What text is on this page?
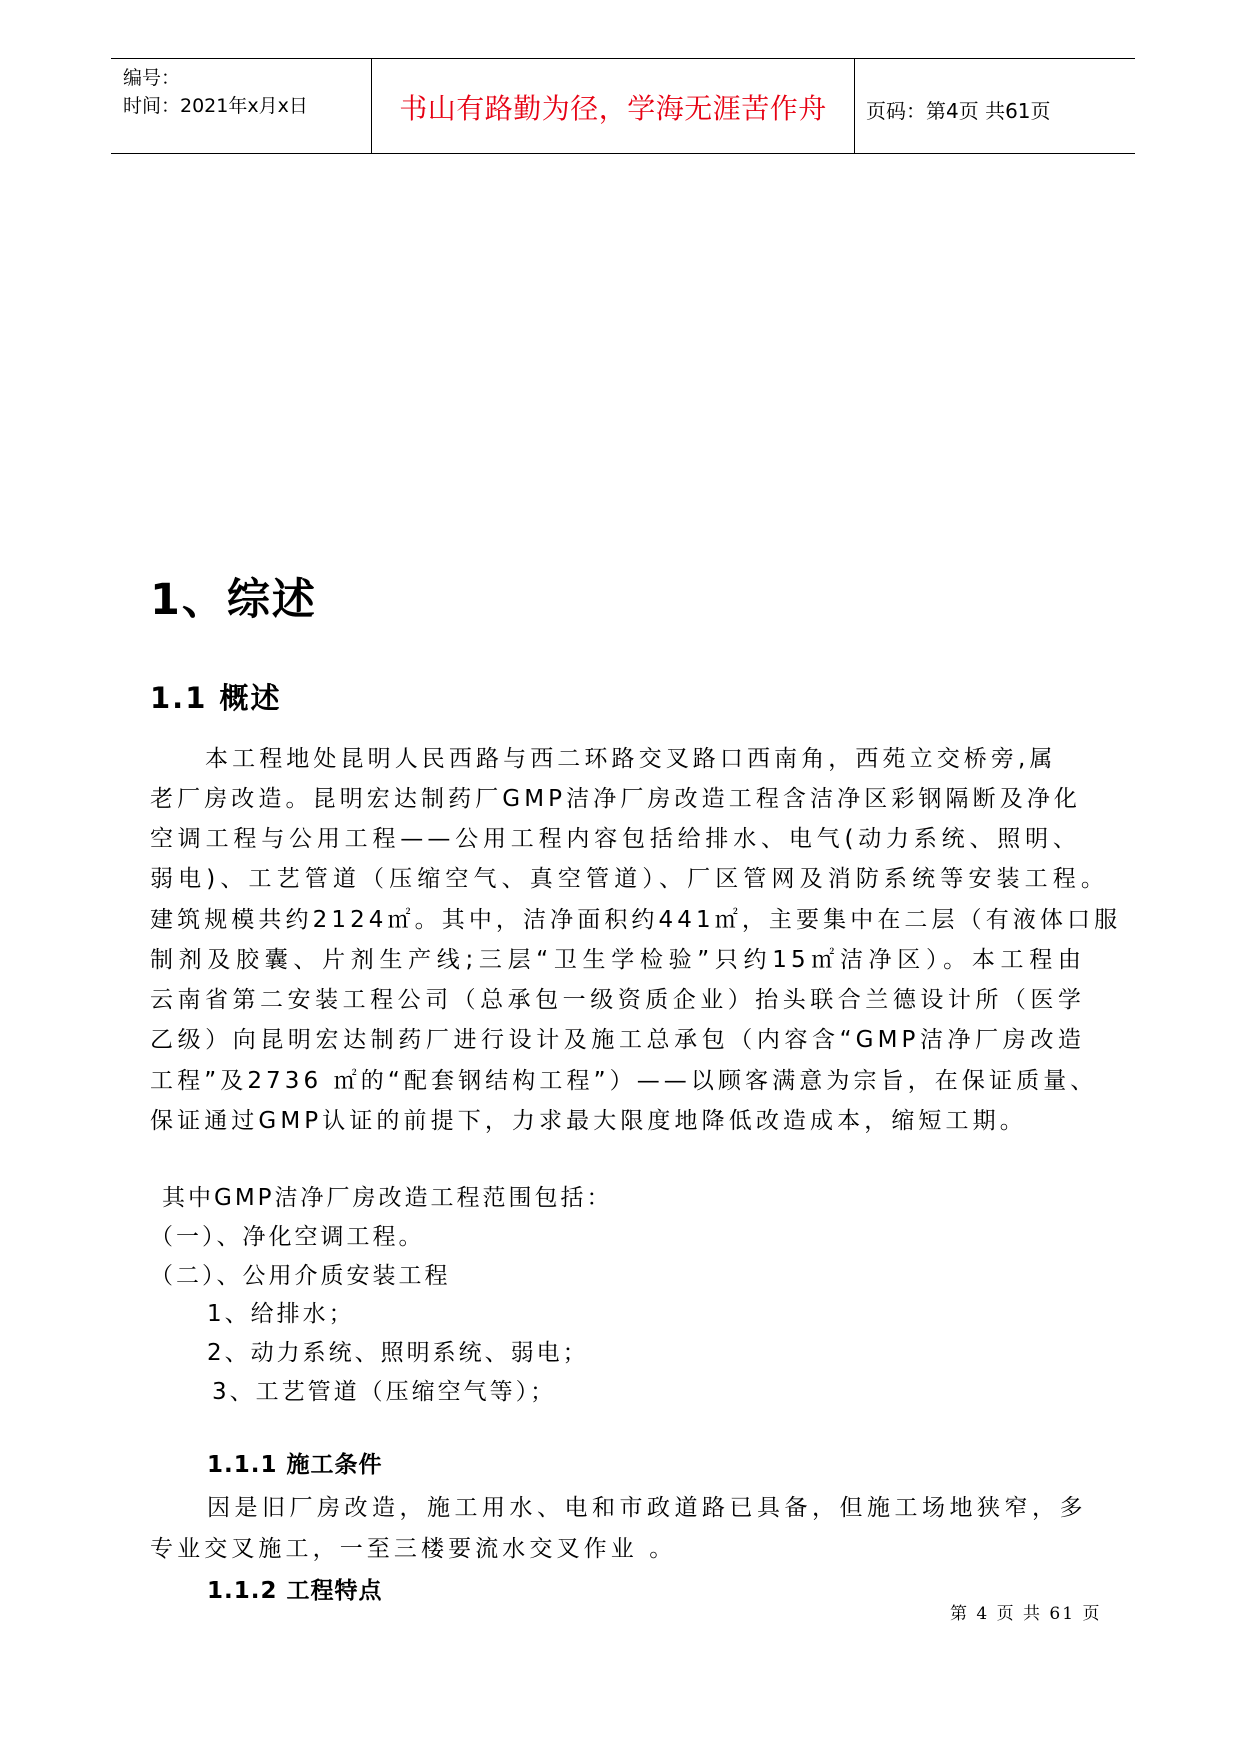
编号：
时间：2021年x月x日	书山有路勤为径，学海无涯苦作舟	页码：第4页 共61页
1、综述
1.1 概述
本工程地处昆明人民西路与西二环路交叉路口西南角，西苑立交桥旁,属
老厂房改造。昆明宏达制药厂GMP洁净厂房改造工程含洁净区彩钢隔断及净化
空调工程与公用工程——公用工程内容包括给排水、电气(动力系统、照明、
弱电)、工艺管道（压缩空气、真空管道）、厂区管网及消防系统等安装工程。
建筑规模共约2124㎡。其中，洁净面积约441㎡，主要集中在二层（有液体口服
制剂及胶囊、片剂生产线;三层“卫生学检验”只约15㎡洁净区）。本工程由
云南省第二安装工程公司（总承包一级资质企业）抬头联合兰德设计所（医学
乙级）向昆明宏达制药厂进行设计及施工总承包（内容含“GMP洁净厂房改造
工程”及2736 ㎡的“配套钢结构工程”）——以顾客满意为宗旨，在保证质量、
保证通过GMP认证的前提下，力求最大限度地降低改造成本，缩短工期。
其中GMP洁净厂房改造工程范围包括：
（一）、净化空调工程。
（二）、公用介质安装工程
1、给排水；
2、动力系统、照明系统、弱电；
3、工艺管道（压缩空气等）；
1.1.1 施工条件
因是旧厂房改造，施工用水、电和市政道路已具备，但施工场地狭窄，多
专业交叉施工，一至三楼要流水交叉作业 。
1.1.2 工程特点
第 4 页 共 61 页
